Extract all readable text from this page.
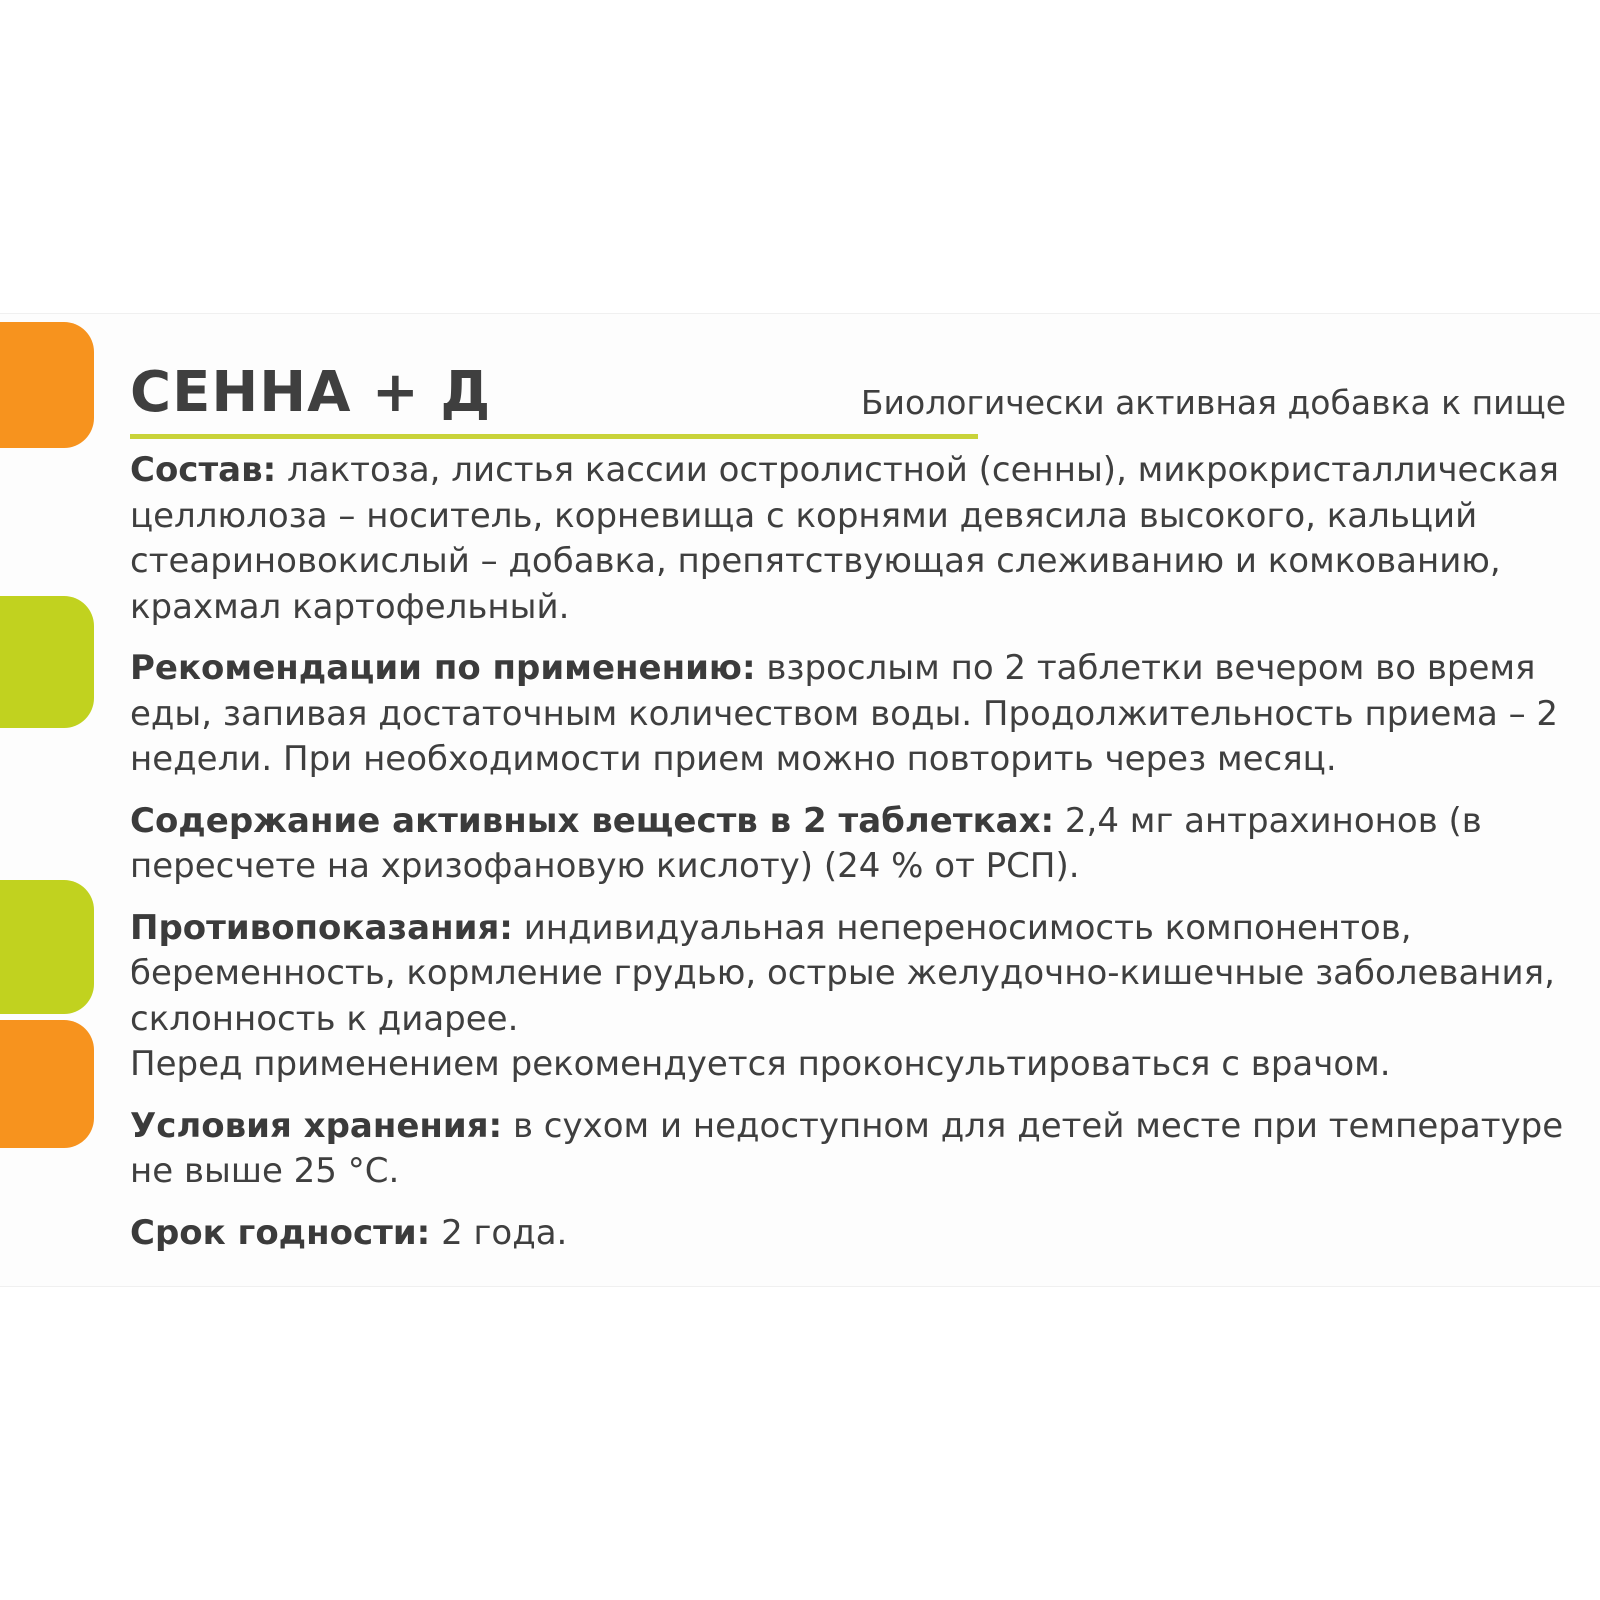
СЕННА + Д	Биологически активная добавка к пище

Состав: лактоза, листья кассии остролистной (сенны), микрокристаллическая целлюлоза – носитель, корневища с корнями девясила высокого, кальций стеариновокислый – добавка, препятствующая слеживанию и комкованию, крахмал картофельный.

Рекомендации по применению: взрослым по 2 таблетки вечером во время еды, запивая достаточным количеством воды. Продолжительность приема – 2 недели. При необходимости прием можно повторить через месяц.

Содержание активных веществ в 2 таблетках: 2,4 мг антрахинонов (в пересчете на хризофановую кислоту) (24 % от РСП).

Противопоказания: индивидуальная непереносимость компонентов, беременность, кормление грудью, острые желудочно-кишечные заболевания, склонность к диарее.

Перед применением рекомендуется проконсультироваться с врачом.

Условия хранения: в сухом и недоступном для детей месте при температуре не выше 25 °С.

Срок годности: 2 года.
